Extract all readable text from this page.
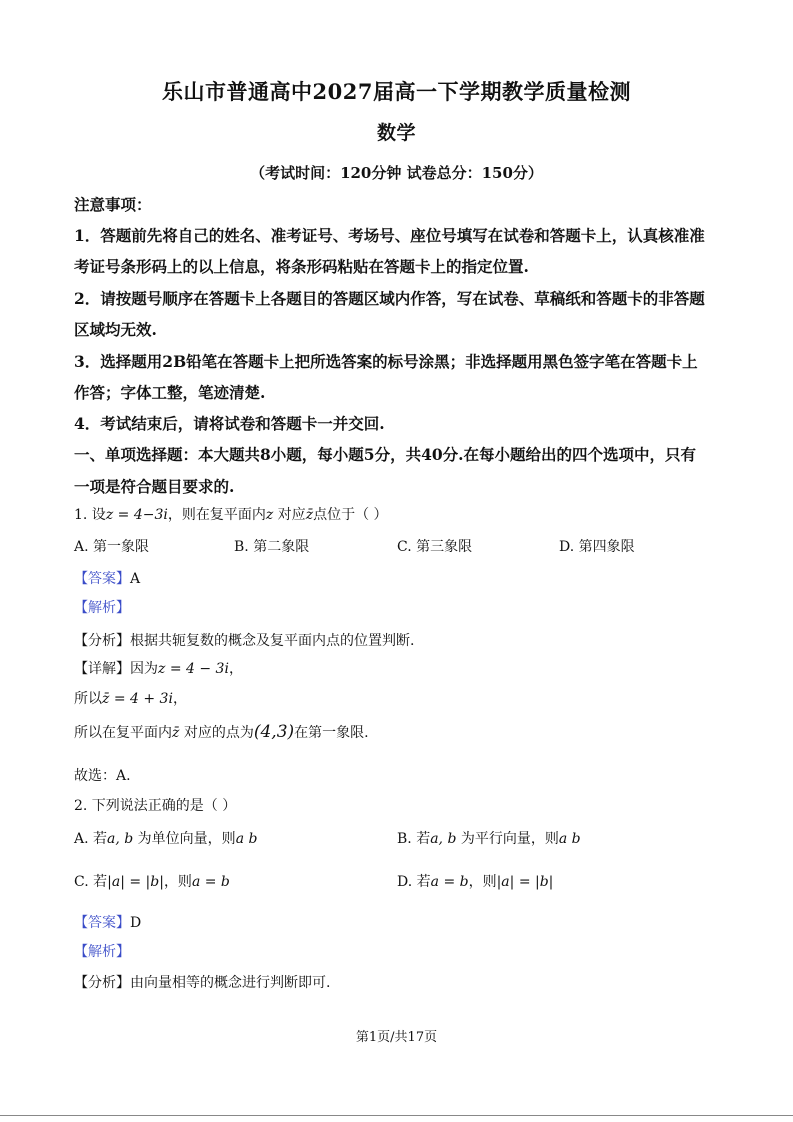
乐山市普通高中2027届高一下学期教学质量检测
数学
（考试时间：120分钟 试卷总分：150分）
注意事项：
1．答题前先将自己的姓名、准考证号、考场号、座位号填写在试卷和答题卡上，认真核准准
考证号条形码上的以上信息，将条形码粘贴在答题卡上的指定位置.
2．请按题号顺序在答题卡上各题目的答题区域内作答，写在试卷、草稿纸和答题卡的非答题
区域均无效.
3．选择题用2B铅笔在答题卡上把所选答案的标号涂黑；非选择题用黑色签字笔在答题卡上
作答；字体工整，笔迹清楚.
4．考试结束后，请将试卷和答题卡一并交回.
一、单项选择题：本大题共8小题，每小题5分，共40分.在每小题给出的四个选项中，只有
一项是符合题目要求的.
1. 设z = 4−3i，则在复平面内z 对应z̄点位于（ ）
A. 第一象限	B. 第二象限	C. 第三象限	D. 第四象限
【答案】A
【解析】
【分析】根据共轭复数的概念及复平面内点的位置判断.
【详解】因为z = 4 − 3i，
所以z̄ = 4 + 3i，
所以在复平面内z̄ 对应的点为(4,3)在第一象限.
故选：A.
2. 下列说法正确的是（ ）
A. 若a, b 为单位向量，则a b	B. 若a, b 为平行向量，则a b
C. 若|a| = |b|，则a = b	D. 若a = b，则|a| = |b|
【答案】D
【解析】
【分析】由向量相等的概念进行判断即可.
第1页/共17页
